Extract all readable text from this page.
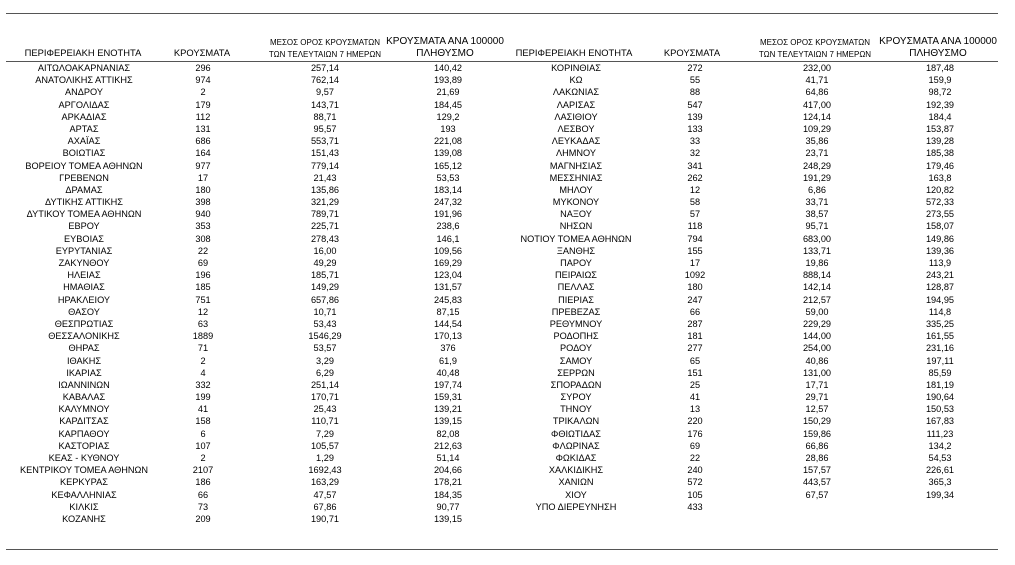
ΠΕΡΙΦΕΡΕΙΑΚΗ ΕΝΟΤΗΤΑ	ΚΡΟΥΣΜΑΤΑ
ΜΕΣΟΣ ΟΡΟΣ ΚΡΟΥΣΜΑΤΩΝ
ΤΩΝ ΤΕΛΕΥΤΑΙΩΝ 7 ΗΜΕΡΩΝ
ΚΡΟΥΣΜΑΤΑ ΑΝΑ 100000
ΠΛΗΘΥΣΜΟ	ΠΕΡΙΦΕΡΕΙΑΚΗ ΕΝΟΤΗΤΑ	ΚΡΟΥΣΜΑΤΑ
ΜΕΣΟΣ ΟΡΟΣ ΚΡΟΥΣΜΑΤΩΝ
ΤΩΝ ΤΕΛΕΥΤΑΙΩΝ 7 ΗΜΕΡΩΝ
ΚΡΟΥΣΜΑΤΑ ΑΝΑ 100000
ΠΛΗΘΥΣΜΟ
ΑΙΤΩΛΟΑΚΑΡΝΑΝΙΑΣ	296	257,14	140,42
ΑΝΑΤΟΛΙΚΗΣ ΑΤΤΙΚΗΣ	974	762,14	193,89
ΑΝΔΡΟΥ	2	9,57	21,69
ΑΡΓΟΛΙΔΑΣ	179	143,71	184,45
ΑΡΚΑΔΙΑΣ	112	88,71	129,2
ΑΡΤΑΣ	131	95,57	193
ΑΧΑΪΑΣ	686	553,71	221,08
ΒΟΙΩΤΙΑΣ	164	151,43	139,08
ΒΟΡΕΙΟΥ ΤΟΜΕΑ ΑΘΗΝΩΝ	977	779,14	165,12
ΓΡΕΒΕΝΩΝ	17	21,43	53,53
ΔΡΑΜΑΣ	180	135,86	183,14
ΔΥΤΙΚΗΣ ΑΤΤΙΚΗΣ	398	321,29	247,32
ΔΥΤΙΚΟΥ ΤΟΜΕΑ ΑΘΗΝΩΝ	940	789,71	191,96
ΕΒΡΟΥ	353	225,71	238,6
ΕΥΒΟΙΑΣ	308	278,43	146,1
ΕΥΡΥΤΑΝΙΑΣ	22	16,00	109,56
ΖΑΚΥΝΘΟΥ	69	49,29	169,29
ΗΛΕΙΑΣ	196	185,71	123,04
ΗΜΑΘΙΑΣ	185	149,29	131,57
ΗΡΑΚΛΕΙΟΥ	751	657,86	245,83
ΘΑΣΟΥ	12	10,71	87,15
ΘΕΣΠΡΩΤΙΑΣ	63	53,43	144,54
ΘΕΣΣΑΛΟΝΙΚΗΣ	1889	1546,29	170,13
ΘΗΡΑΣ	71	53,57	376
ΙΘΑΚΗΣ	2	3,29	61,9
ΙΚΑΡΙΑΣ	4	6,29	40,48
ΙΩΑΝΝΙΝΩΝ	332	251,14	197,74
ΚΑΒΑΛΑΣ	199	170,71	159,31
ΚΑΛΥΜΝΟΥ	41	25,43	139,21
ΚΑΡΔΙΤΣΑΣ	158	110,71	139,15
ΚΑΡΠΑΘΟΥ	6	7,29	82,08
ΚΑΣΤΟΡΙΑΣ	107	105,57	212,63
ΚΕΑΣ - ΚΥΘΝΟΥ	2	1,29	51,14
ΚΕΝΤΡΙΚΟΥ ΤΟΜΕΑ ΑΘΗΝΩΝ	2107	1692,43	204,66
ΚΕΡΚΥΡΑΣ	186	163,29	178,21
ΚΕΦΑΛΛΗΝΙΑΣ	66	47,57	184,35
ΚΙΛΚΙΣ	73	67,86	90,77
ΚΟΖΑΝΗΣ	209	190,71	139,15
ΚΟΡΙΝΘΙΑΣ	272	232,00	187,48
ΚΩ	55	41,71	159,9
ΛΑΚΩΝΙΑΣ	88	64,86	98,72
ΛΑΡΙΣΑΣ	547	417,00	192,39
ΛΑΣΙΘΙΟΥ	139	124,14	184,4
ΛΕΣΒΟΥ	133	109,29	153,87
ΛΕΥΚΑΔΑΣ	33	35,86	139,28
ΛΗΜΝΟΥ	32	23,71	185,38
ΜΑΓΝΗΣΙΑΣ	341	248,29	179,46
ΜΕΣΣΗΝΙΑΣ	262	191,29	163,8
ΜΗΛΟΥ	12	6,86	120,82
ΜΥΚΟΝΟΥ	58	33,71	572,33
ΝΑΞΟΥ	57	38,57	273,55
ΝΗΣΩΝ	118	95,71	158,07
ΝΟΤΙΟΥ ΤΟΜΕΑ ΑΘΗΝΩΝ	794	683,00	149,86
ΞΑΝΘΗΣ	155	133,71	139,36
ΠΑΡΟΥ	17	19,86	113,9
ΠΕΙΡΑΙΩΣ	1092	888,14	243,21
ΠΕΛΛΑΣ	180	142,14	128,87
ΠΙΕΡΙΑΣ	247	212,57	194,95
ΠΡΕΒΕΖΑΣ	66	59,00	114,8
ΡΕΘΥΜΝΟΥ	287	229,29	335,25
ΡΟΔΟΠΗΣ	181	144,00	161,55
ΡΟΔΟΥ	277	254,00	231,16
ΣΑΜΟΥ	65	40,86	197,11
ΣΕΡΡΩΝ	151	131,00	85,59
ΣΠΟΡΑΔΩΝ	25	17,71	181,19
ΣΥΡΟΥ	41	29,71	190,64
ΤΗΝΟΥ	13	12,57	150,53
ΤΡΙΚΑΛΩΝ	220	150,29	167,83
ΦΘΙΩΤΙΔΑΣ	176	159,86	111,23
ΦΛΩΡΙΝΑΣ	69	66,86	134,2
ΦΩΚΙΔΑΣ	22	28,86	54,53
ΧΑΛΚΙΔΙΚΗΣ	240	157,57	226,61
ΧΑΝΙΩΝ	572	443,57	365,3
ΧΙΟΥ	105	67,57	199,34
ΥΠΟ ΔΙΕΡΕΥΝΗΣΗ	433
